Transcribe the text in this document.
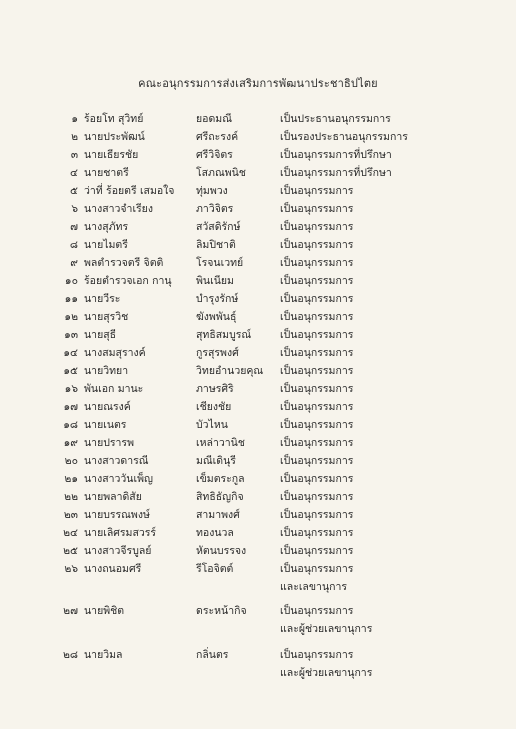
คณะอนุกรรมการส่งเสริมการพัฒนาประชาธิปไตย
๑ ร้อยโท สุวิทย์	ยอดมณี	เป็นประธานอนุกรรมการ
๒ นายประพัฒน์	ศรีถะรงค์	เป็นรองประธานอนุกรรมการ
๓ นายเธียรชัย	ศรีวิจิตร	เป็นอนุกรรมการที่ปรึกษา
๔ นายชาตรี	โสภณพนิช	เป็นอนุกรรมการที่ปรึกษา
๕ ว่าที่ ร้อยตรี เสมอใจ	ทุ่มพวง	เป็นอนุกรรมการ
๖ นางสาวจำเรียง	ภาวิจิตร	เป็นอนุกรรมการ
๗ นางสุภัทร	สวัสดิรักษ์	เป็นอนุกรรมการ
๘ นายไมตรี	ลิมปิชาติ	เป็นอนุกรรมการ
๙ พลตำรวจตรี จิตติ	โรจนเวทย์	เป็นอนุกรรมการ
๑๐ ร้อยตำรวจเอก กานุ	พินเนียม	เป็นอนุกรรมการ
๑๑ นายวีระ	บำรุงรักษ์	เป็นอนุกรรมการ
๑๒ นายสุรวิช	ฆังพพันธุ์	เป็นอนุกรรมการ
๑๓ นายสุธี	สุทธิสมบูรณ์	เป็นอนุกรรมการ
๑๔ นางสมสุรางค์	กูรสุรพงศ์	เป็นอนุกรรมการ
๑๕ นายวิทยา	วิทยอำนวยคุณ	เป็นอนุกรรมการ
๑๖ พันเอก มานะ	ภาษรศิริ	เป็นอนุกรรมการ
๑๗ นายณรงค์	เชียงชัย	เป็นอนุกรรมการ
๑๘ นายเนตร	บัวไหน	เป็นอนุกรรมการ
๑๙ นายปรารพ	เหล่าวานิช	เป็นอนุกรรมการ
๒๐ นางสาวดารณี	มณีเดินุรี	เป็นอนุกรรมการ
๒๑ นางสาววันเพ็ญ	เข็มตระกูล	เป็นอนุกรรมการ
๒๒ นายพลาดิสัย	สิทธิธัญกิจ	เป็นอนุกรรมการ
๒๓ นายบรรณพงษ์	สามาพงศ์	เป็นอนุกรรมการ
๒๔ นายเลิศรมสวรร์	ทองนวล	เป็นอนุกรรมการ
๒๕ นางสาวจีรบูลย์	หัตนบรรจง	เป็นอนุกรรมการ
๒๖ นางถนอมศรี	รีโอจิตต์	เป็นอนุกรรมการ
และเลขานุการ
๒๗ นายพิชิต	ดระหน้ากิจ	เป็นอนุกรรมการ
และผู้ช่วยเลขานุการ
๒๘ นายวิมล	กลิ่นตร	เป็นอนุกรรมการ
และผู้ช่วยเลขานุการ
